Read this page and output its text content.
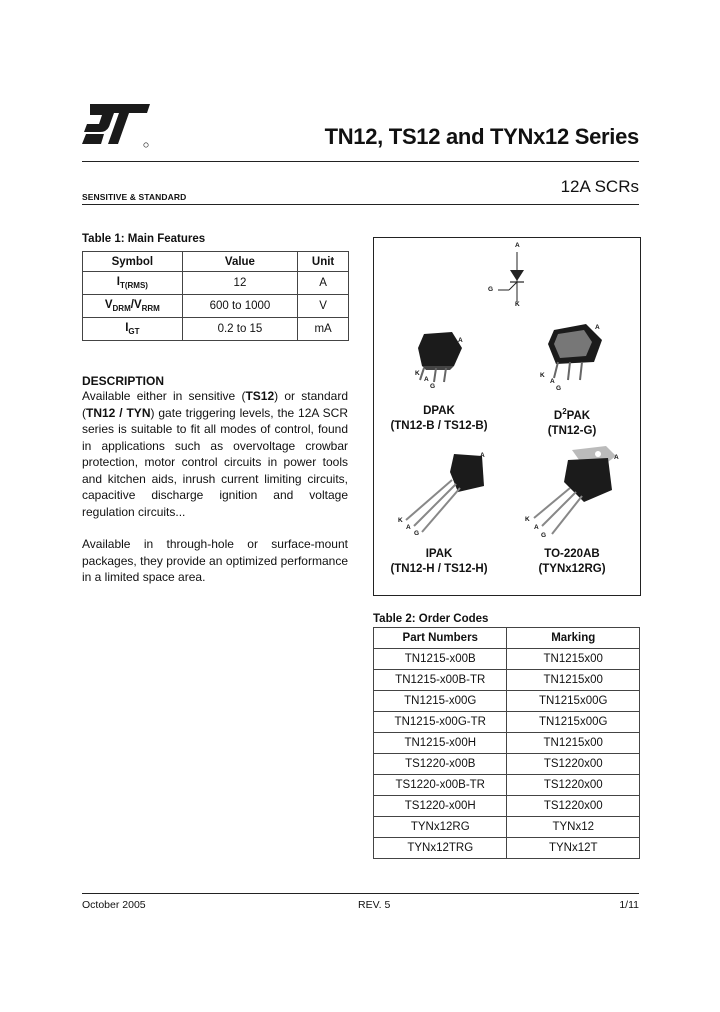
TN12, TS12 and TYNx12 Series
SENSITIVE & STANDARD
12A SCRs
Table 1: Main Features
Symbol	Value	Unit
$I_{T(RMS)}$	12	A
$V_{DRM}/V_{RRM}$	600 to 1000	V
$I_{GT}$	0.2 to 15	mA
DESCRIPTION
Available either in sensitive (TS12) or standard (TN12 / TYN) gate triggering levels, the 12A SCR series is suitable to fit all modes of control, found in applications such as overvoltage crowbar protection, motor control circuits in power tools and kitchen aids, inrush current limiting circuits, capacitive discharge ignition and voltage regulation circuits...
Available in through-hole or surface-mount packages, they provide an optimized performance in a limited space area.
A
G
K
A
K
A
G
DPAK
(TN12-B / TS12-B)
A
K
A
G
$D^2PAK$
(TN12-G)
A
K
A
G
IPAK
(TN12-H / TS12-H)
A
K
A
G
TO-220AB
(TYNx12RG)
Table 2: Order Codes
Part Numbers	Marking
TN1215-x00B	TN1215x00
TN1215-x00B-TR	TN1215x00
TN1215-x00G	TN1215x00G
TN1215-x00G-TR	TN1215x00G
TN1215-x00H	TN1215x00
TS1220-x00B	TS1220x00
TS1220-x00B-TR	TS1220x00
TS1220-x00H	TS1220x00
TYNx12RG	TYNx12
TYNx12TRG	TYNx12T
October 2005	REV. 5	1/11
